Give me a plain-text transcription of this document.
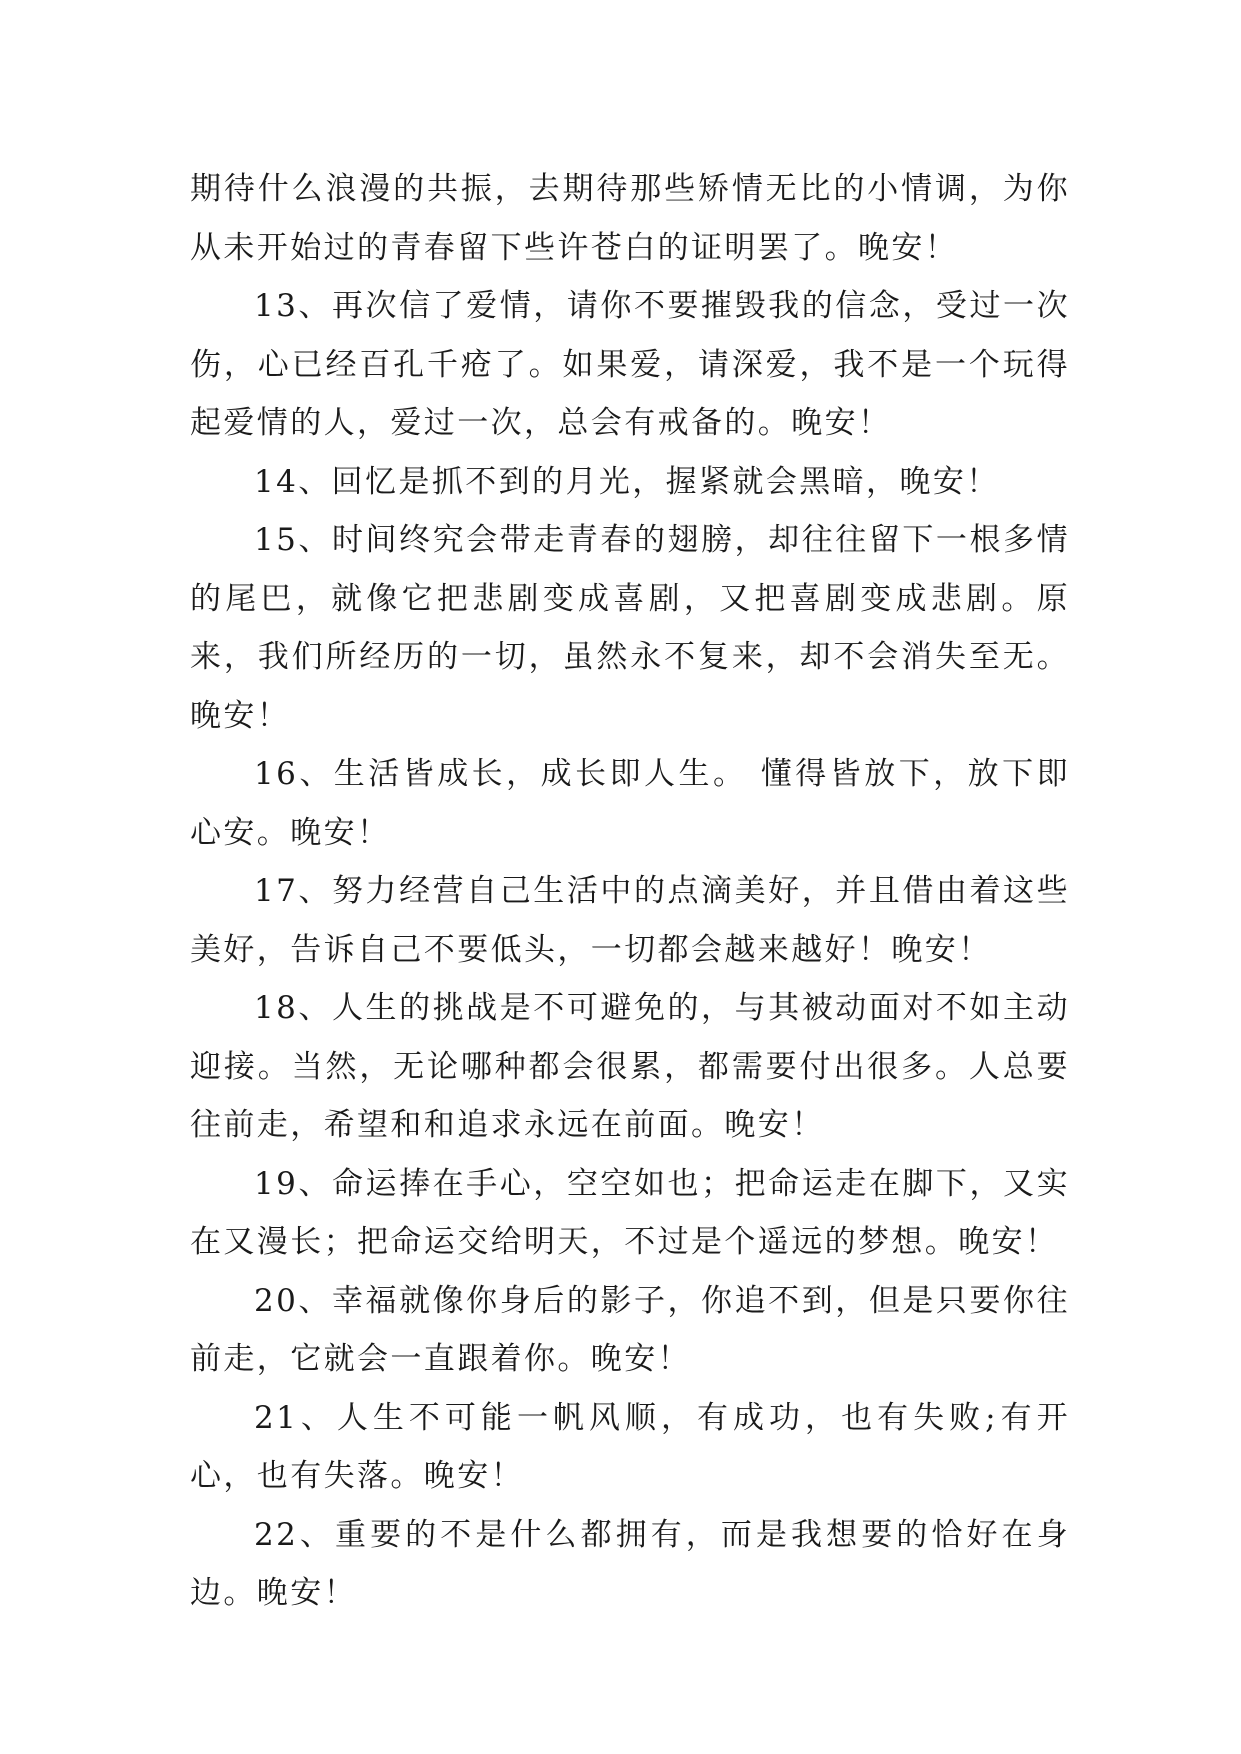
期待什么浪漫的共振，去期待那些矫情无比的小情调，为你从未开始过的青春留下些许苍白的证明罢了。晚安！

13、再次信了爱情，请你不要摧毁我的信念，受过一次伤，心已经百孔千疮了。如果爱，请深爱，我不是一个玩得起爱情的人，爱过一次，总会有戒备的。晚安！

14、回忆是抓不到的月光，握紧就会黑暗，晚安！

15、时间终究会带走青春的翅膀，却往往留下一根多情的尾巴，就像它把悲剧变成喜剧，又把喜剧变成悲剧。原来，我们所经历的一切，虽然永不复来，却不会消失至无。晚安！

16、生活皆成长，成长即人生。 懂得皆放下，放下即心安。晚安！

17、努力经营自己生活中的点滴美好，并且借由着这些美好，告诉自己不要低头，一切都会越来越好！晚安！

18、人生的挑战是不可避免的，与其被动面对不如主动迎接。当然，无论哪种都会很累，都需要付出很多。人总要往前走，希望和和追求永远在前面。晚安！

19、命运捧在手心，空空如也；把命运走在脚下，又实在又漫长；把命运交给明天，不过是个遥远的梦想。晚安！

20、幸福就像你身后的影子，你追不到，但是只要你往前走，它就会一直跟着你。晚安！

21、人生不可能一帆风顺，有成功，也有失败;有开心，也有失落。晚安！

22、重要的不是什么都拥有，而是我想要的恰好在身边。晚安！
